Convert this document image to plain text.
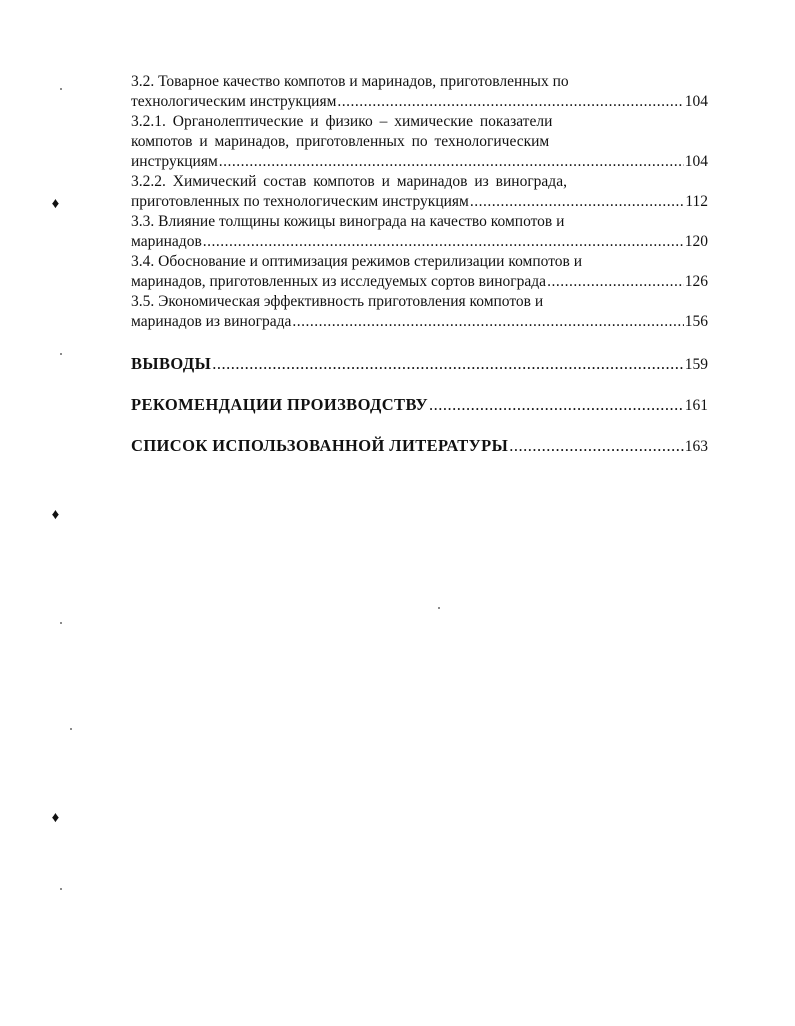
♦
♦
♦
3.2. Товарное качество компотов и маринадов, приготовленных по
технологическим инструкциям .....	104
3.2.1. Органолептические и физико – химические показатели
компотов и маринадов, приготовленных по технологическим
инструкциям .....	104
3.2.2. Химический состав компотов и маринадов из винограда,
приготовленных по технологическим инструкциям .....	112
3.3. Влияние толщины кожицы винограда на качество компотов и
маринадов .....	120
3.4. Обоснование и оптимизация режимов стерилизации компотов и
маринадов, приготовленных из исследуемых сортов винограда .....	126
3.5. Экономическая эффективность приготовления компотов и
маринадов из винограда .....	156
ВЫВОДЫ .....	159
РЕКОМЕНДАЦИИ ПРОИЗВОДСТВУ .....	161
СПИСОК ИСПОЛЬЗОВАННОЙ ЛИТЕРАТУРЫ .....	163
